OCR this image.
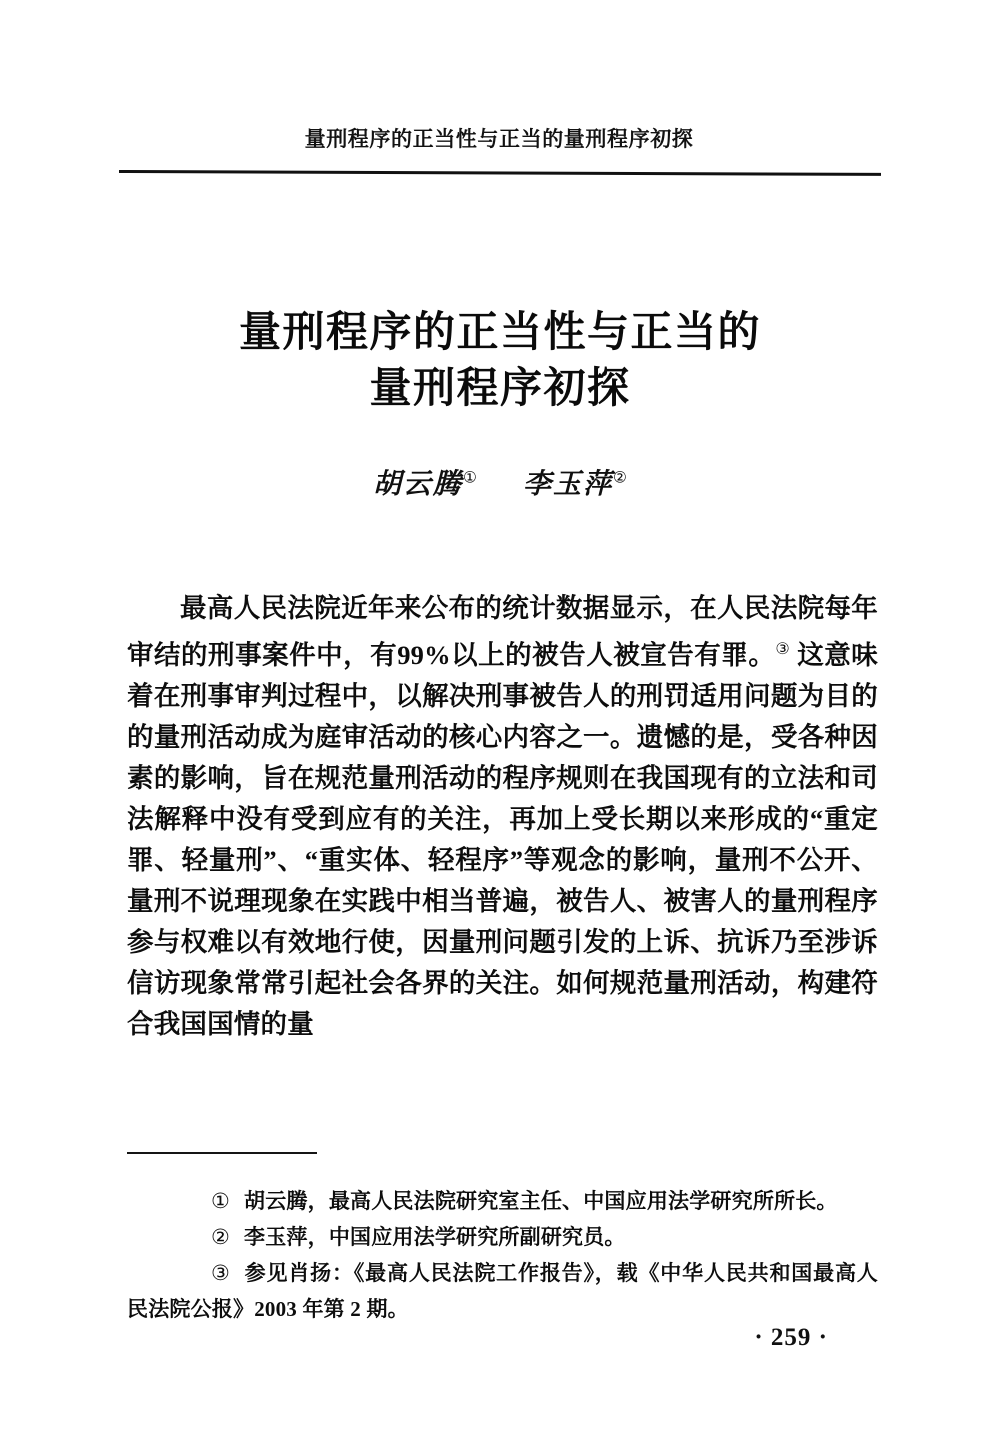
量刑程序的正当性与正当的量刑程序初探
量刑程序的正当性与正当的
量刑程序初探
胡云腾① 李玉萍②
最高人民法院近年来公布的统计数据显示，在人民法院每年审结的刑事案件中，有99%以上的被告人被宣告有罪。③ 这意味着在刑事审判过程中，以解决刑事被告人的刑罚适用问题为目的的量刑活动成为庭审活动的核心内容之一。遗憾的是，受各种因素的影响，旨在规范量刑活动的程序规则在我国现有的立法和司法解释中没有受到应有的关注，再加上受长期以来形成的“重定罪、轻量刑”、“重实体、轻程序”等观念的影响，量刑不公开、量刑不说理现象在实践中相当普遍，被告人、被害人的量刑程序参与权难以有效地行使，因量刑问题引发的上诉、抗诉乃至涉诉信访现象常常引起社会各界的关注。如何规范量刑活动，构建符合我国国情的量
① 胡云腾，最高人民法院研究室主任、中国应用法学研究所所长。
② 李玉萍，中国应用法学研究所副研究员。
③ 参见肖扬：《最高人民法院工作报告》，载《中华人民共和国最高人民法院公报》2003 年第 2 期。
· 259 ·
